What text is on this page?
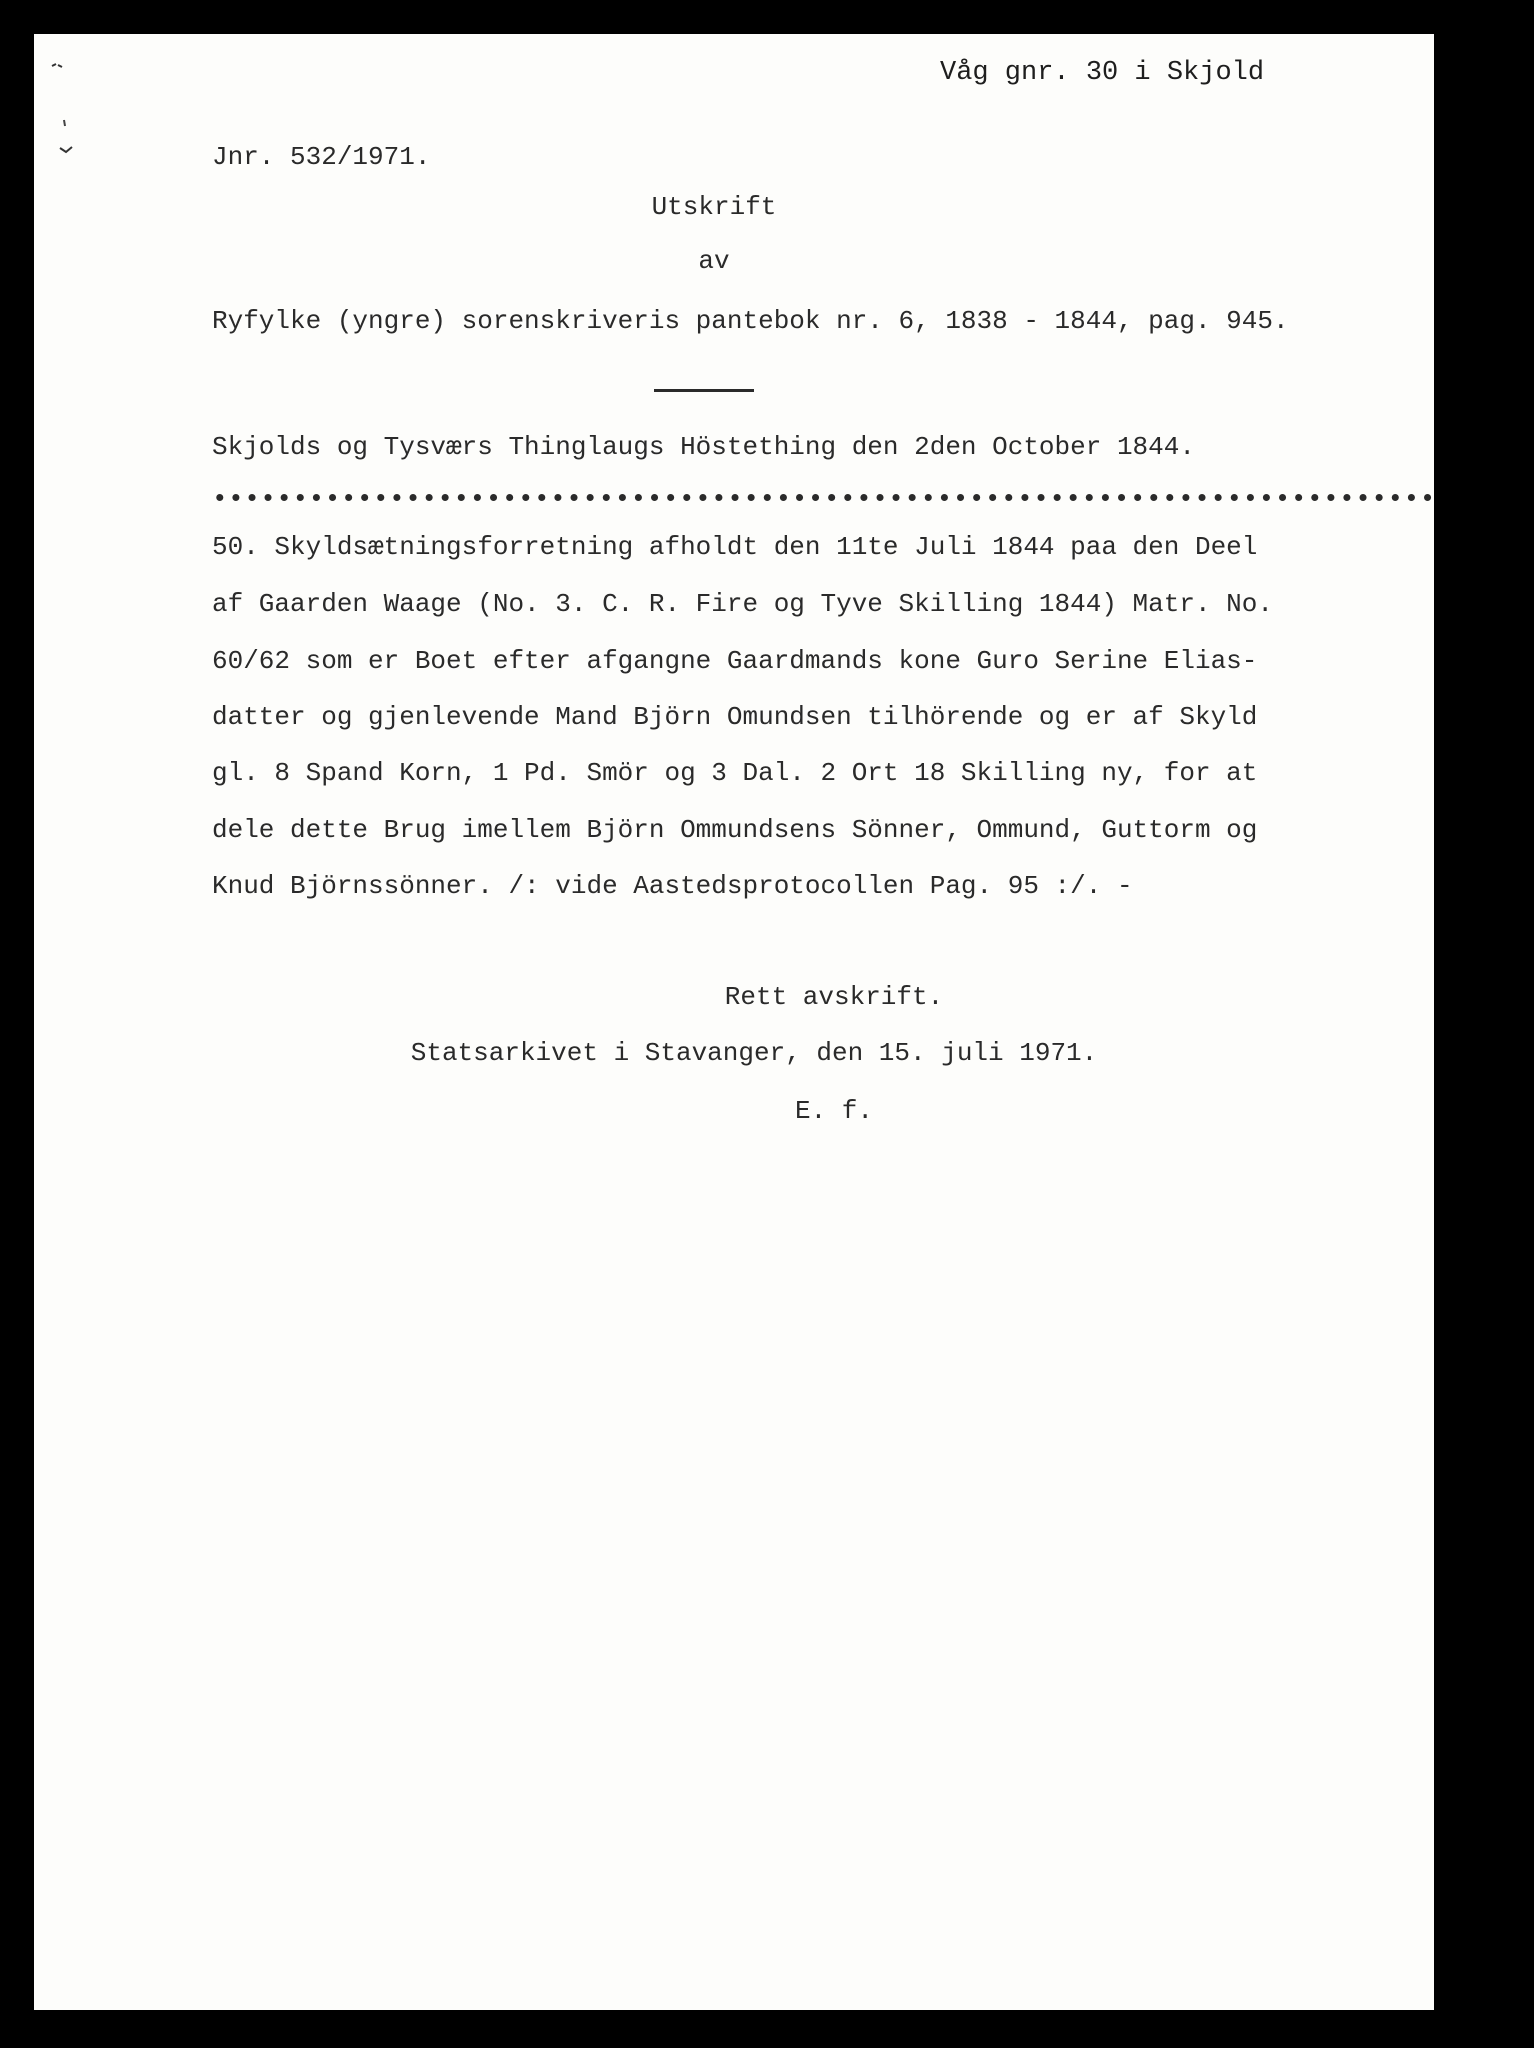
Våg gnr. 30 i Skjold
Jnr. 532/1971.
Utskrift
av
Ryfylke (yngre) sorenskriveris pantebok nr. 6, 1838 - 1844, pag. 945.
Skjolds og Tysværs Thinglaugs Höstething den 2den October 1844.
••••••••••••••••••••••••••••••••••••••••••••••••••••••••••••••••••••••••••••
50. Skyldsætningsforretning afholdt den 11te Juli 1844 paa den Deel
af Gaarden Waage (No. 3. C. R. Fire og Tyve Skilling 1844) Matr. No.
60/62 som er Boet efter afgangne Gaardmands kone Guro Serine Elias-
datter og gjenlevende Mand Björn Omundsen tilhörende og er af Skyld
gl. 8 Spand Korn, 1 Pd. Smör og 3 Dal. 2 Ort 18 Skilling ny, for at
dele dette Brug imellem Björn Ommundsens Sönner, Ommund, Guttorm og
Knud Björnssönner. /: vide Aastedsprotocollen Pag. 95 :/. -
Rett avskrift.
Statsarkivet i Stavanger, den 15. juli 1971.
E. f.
